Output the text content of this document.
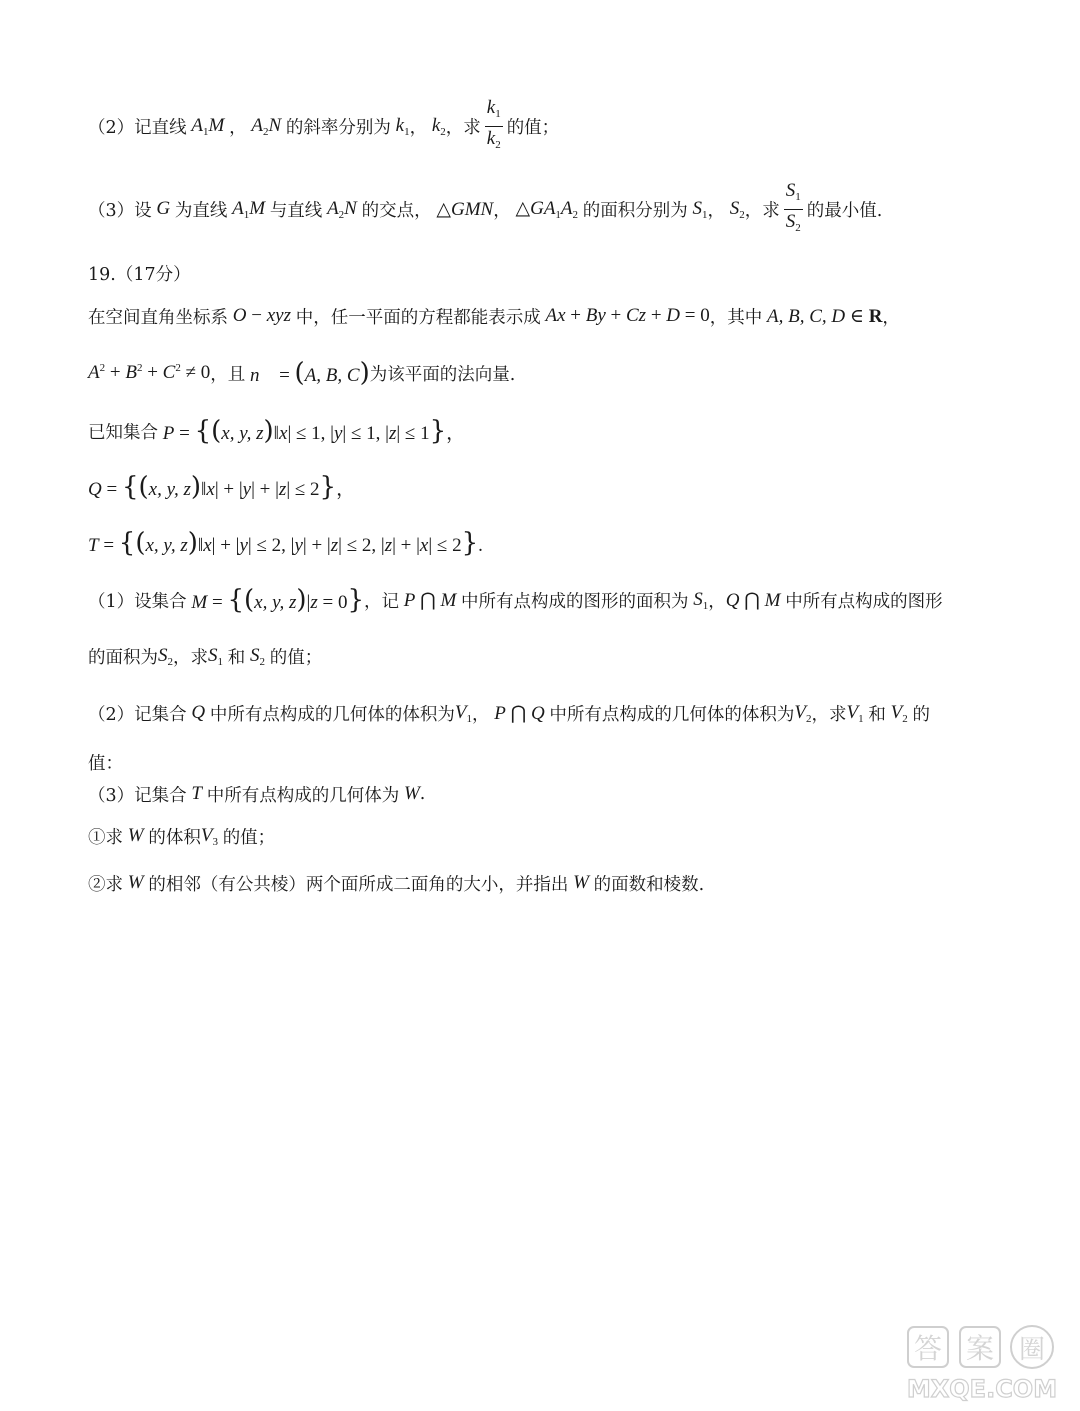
（2）记直线 $A_1M$ ， $A_2N$ 的斜率分别为 $k_1$ ， $k_2$ ，求 $\frac{k_1}{k_2}$ 的值；
（3）设 G 为直线 $A_1M$ 与直线 $A_2N$ 的交点， △GMN ， $\triangle GA_1A_2$ 的面积分别为 $S_1$ ， $S_2$ ，求 $\frac{S_1}{S_2}$ 的最小值.
19.（17分）
在空间直角坐标系 O − xyz 中，任一平面的方程都能表示成 Ax + By + Cz + D = 0 ，其中 A, B, C, D ∈ R ，
$A^2 + B^2 + C^2 \ne 0$ ，且 n⃗ = (A, B, C) 为该平面的法向量.
已知集合 P = {(x, y, z)‖x| ≤ 1, |y| ≤ 1, |z| ≤ 1}，
Q = {(x, y, z)‖x| + |y| + |z| ≤ 2}，
T = {(x, y, z)‖x| + |y| ≤ 2, |y| + |z| ≤ 2, |z| + |x| ≤ 2}.
（1）设集合 M = {(x, y, z)|z = 0} ，记 P ⋂ M 中所有点构成的图形的面积为 $S_1$ ， Q ⋂ M 中所有点构成的图形
的面积为 $S_2$ ，求 $S_1$ 和 $S_2$ 的值；
（2）记集合 Q 中所有点构成的几何体的体积为 $V_1$ ， P ⋂ Q 中所有点构成的几何体的体积为 $V_2$ ，求 $V_1$ 和 $V_2$ 的
值：
（3）记集合 T 中所有点构成的几何体为 W .
①求 W 的体积 $V_3$ 的值；
②求 W 的相邻（有公共棱）两个面所成二面角的大小，并指出 W 的面数和棱数.
答 案 圈
MXQE.COM
